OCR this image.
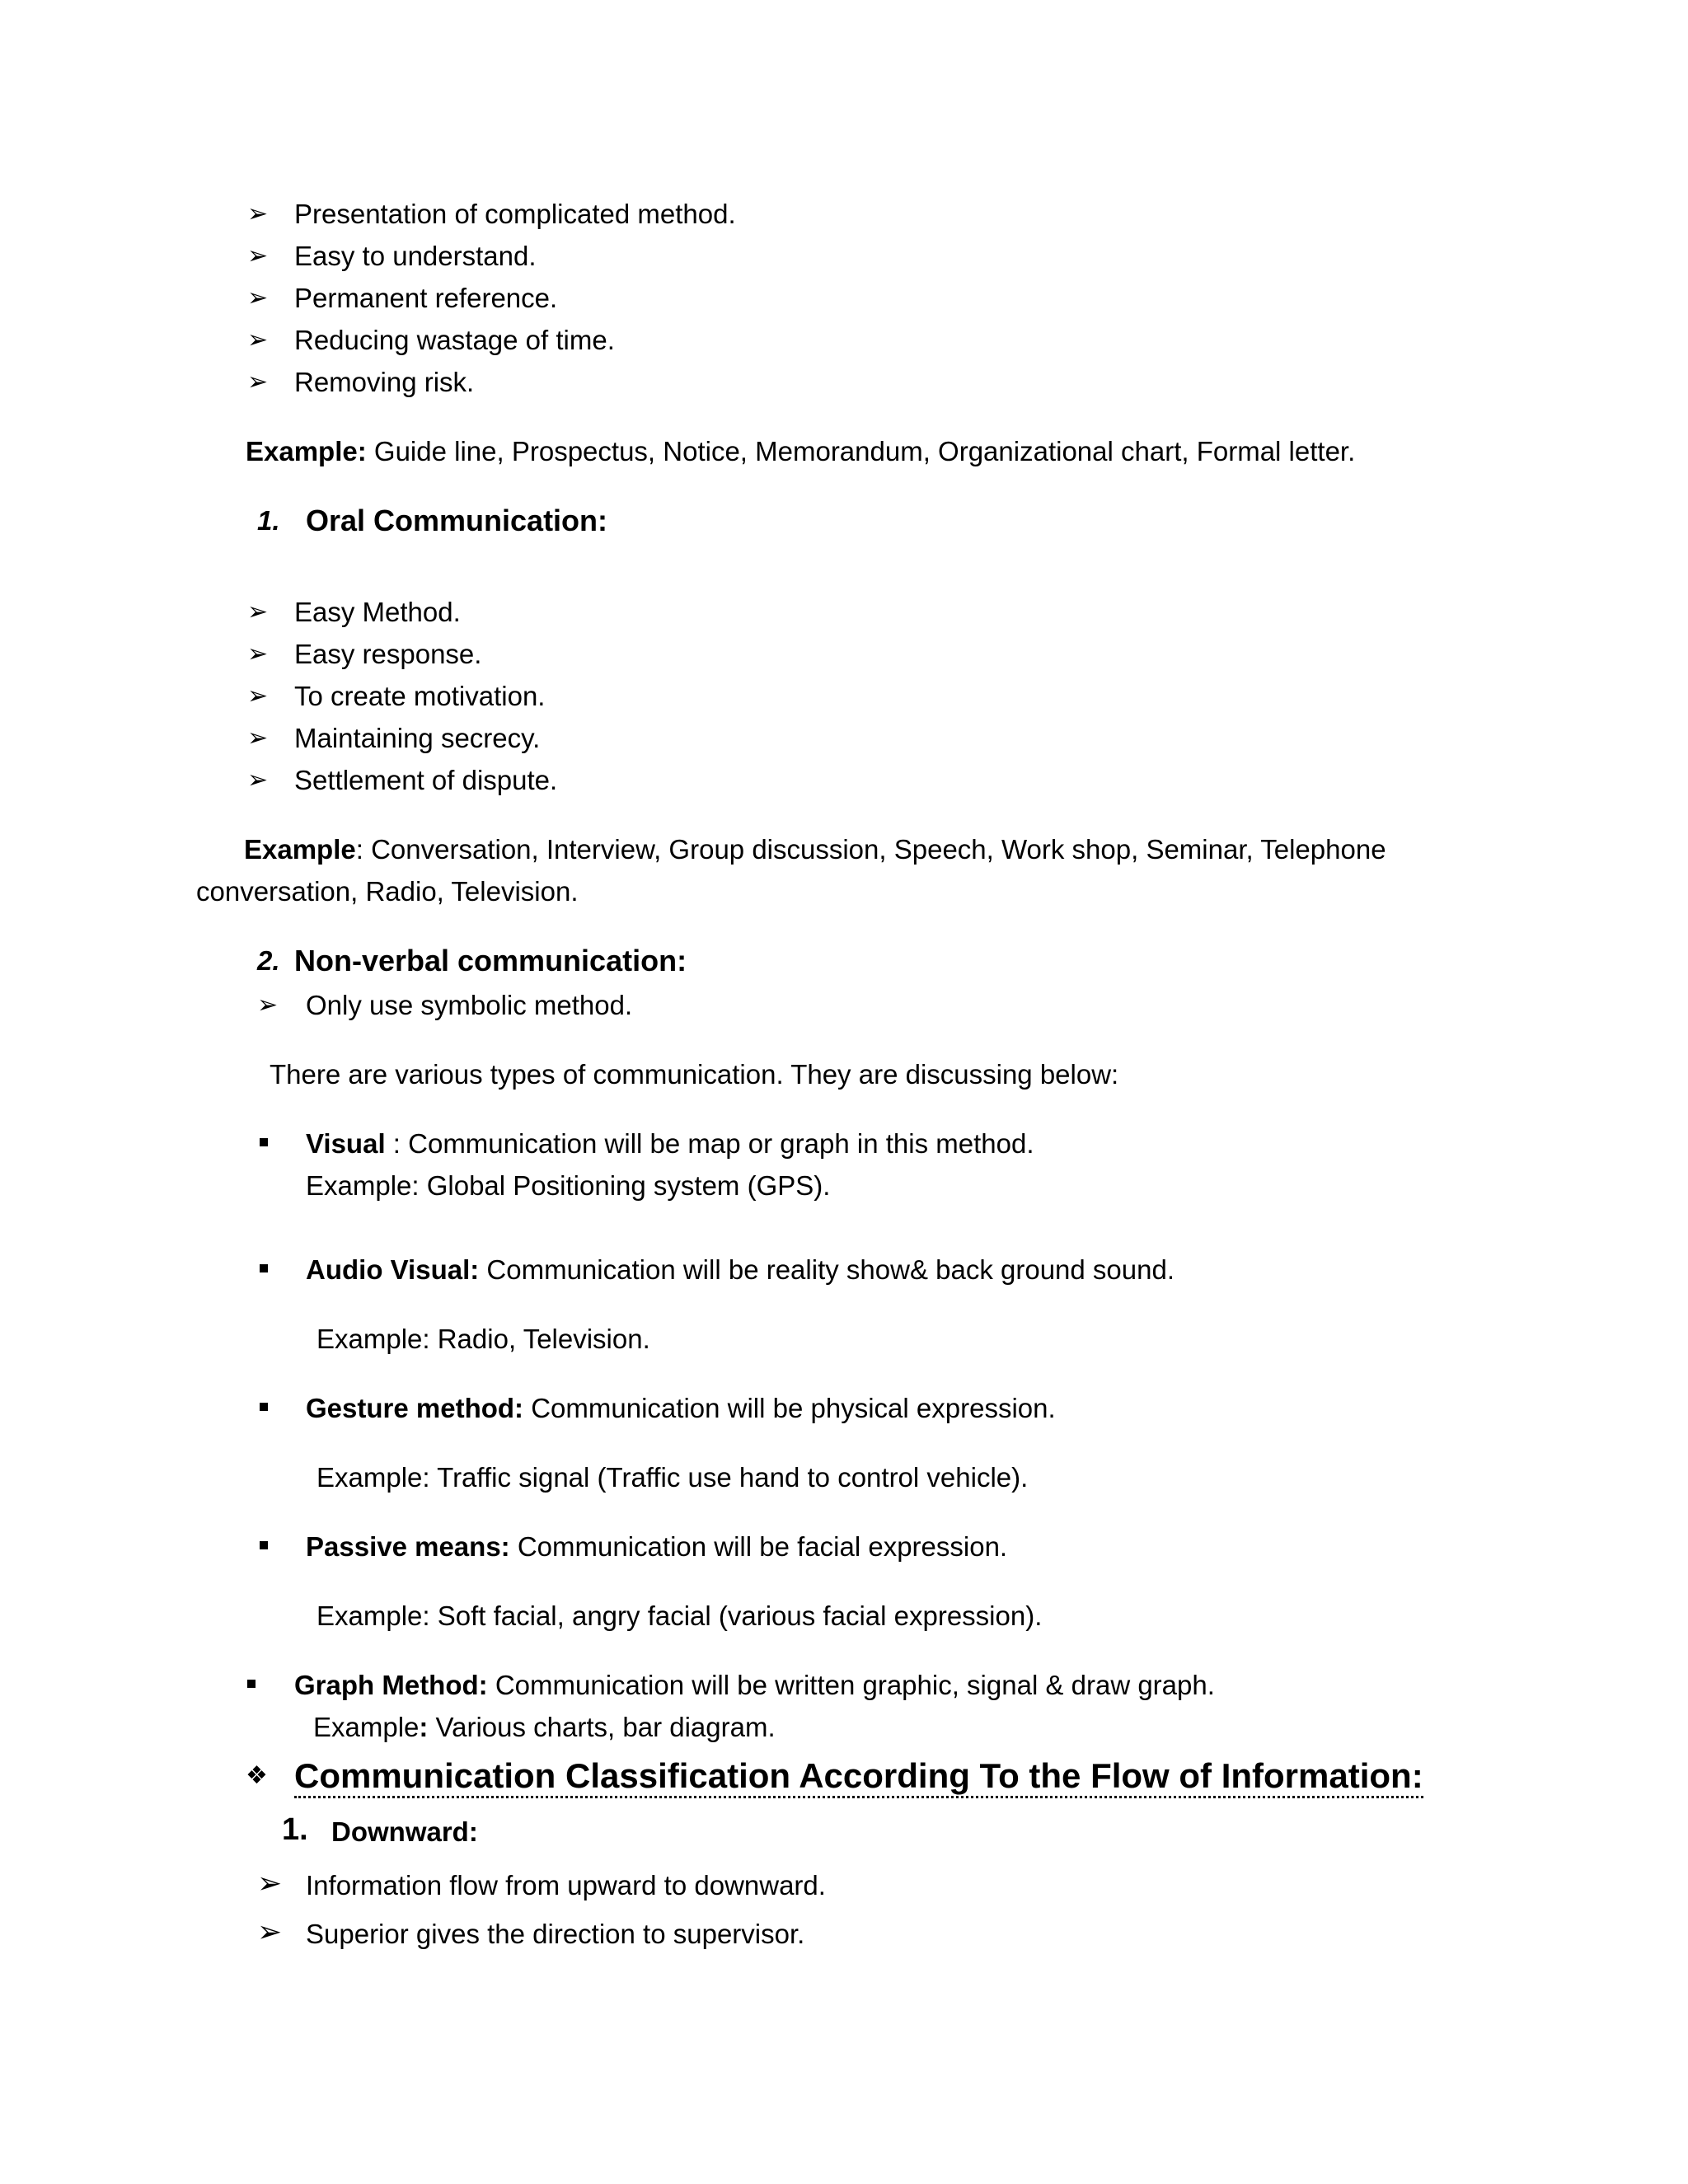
➢ Presentation of complicated method.
➢ Easy to understand.
➢ Permanent reference.
➢ Reducing wastage of time.
➢ Removing risk.
Example: Guide line, Prospectus, Notice, Memorandum, Organizational chart, Formal letter.
1. Oral Communication:
➢ Easy Method.
➢ Easy response.
➢ To create motivation.
➢ Maintaining secrecy.
➢ Settlement of dispute.
Example: Conversation, Interview, Group discussion, Speech, Work shop, Seminar, Telephone
conversation, Radio, Television.
2. Non-verbal communication:
➢ Only use symbolic method.
There are various types of communication. They are discussing below:
Visual : Communication will be map or graph in this method.
Example: Global Positioning system (GPS).
Audio Visual: Communication will be reality show& back ground sound.
Example: Radio, Television.
Gesture method: Communication will be physical expression.
Example: Traffic signal (Traffic use hand to control vehicle).
Passive means: Communication will be facial expression.
Example: Soft facial, angry facial (various facial expression).
Graph Method: Communication will be written graphic, signal & draw graph.
Example: Various charts, bar diagram.
❖ Communication Classification According To the Flow of Information:
1. Downward:
➢ Information flow from upward to downward.
➢ Superior gives the direction to supervisor.
